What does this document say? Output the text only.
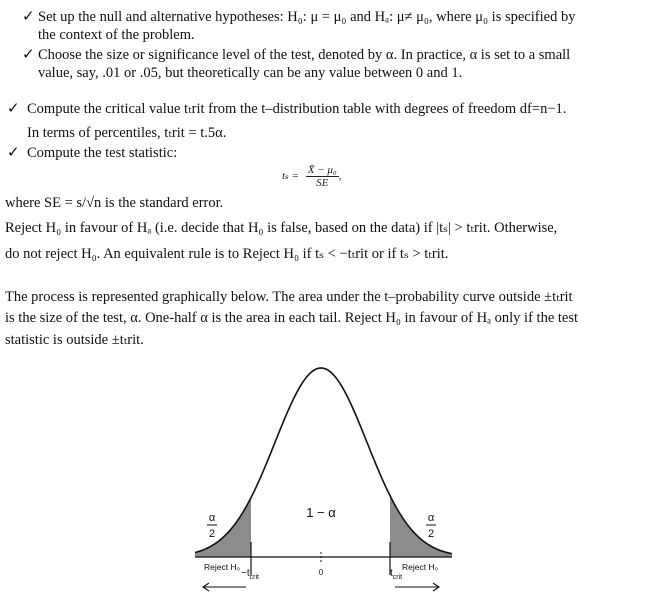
✓ Set up the null and alternative hypotheses: H₀: μ = μ₀ and Hₐ: μ≠ μ₀, where μ₀ is specified by
the context of the problem.
✓ Choose the size or significance level of the test, denoted by α. In practice, α is set to a small
value, say, .01 or .05, but theoretically can be any value between 0 and 1.
✓ Compute the critical value tₜrit from the t–distribution table with degrees of freedom df=n−1.
In terms of percentiles, tₜrit = t.5α.
✓ Compute the test statistic:
$t_s = \frac{\text{X̄ − μ₀}}{SE}$ ,
where SE = s/√n is the standard error.
Reject H₀ in favour of Hₐ (i.e. decide that H₀ is false, based on the data) if |tₛ| > tₜrit. Otherwise,
do not reject H₀. An equivalent rule is to Reject H₀ if tₛ < −tₜrit or if tₛ > tₜrit.
The process is represented graphically below. The area under the t–probability curve outside ±tₜrit
is the size of the test, α. One-half α is the area in each tail. Reject H₀ in favour of Hₐ only if the test
statistic is outside ±tₜrit.
1 − α
α
2
α
2
Reject H₀	Reject H₀
$-t_{crit}$	$t_{crit}$
0
